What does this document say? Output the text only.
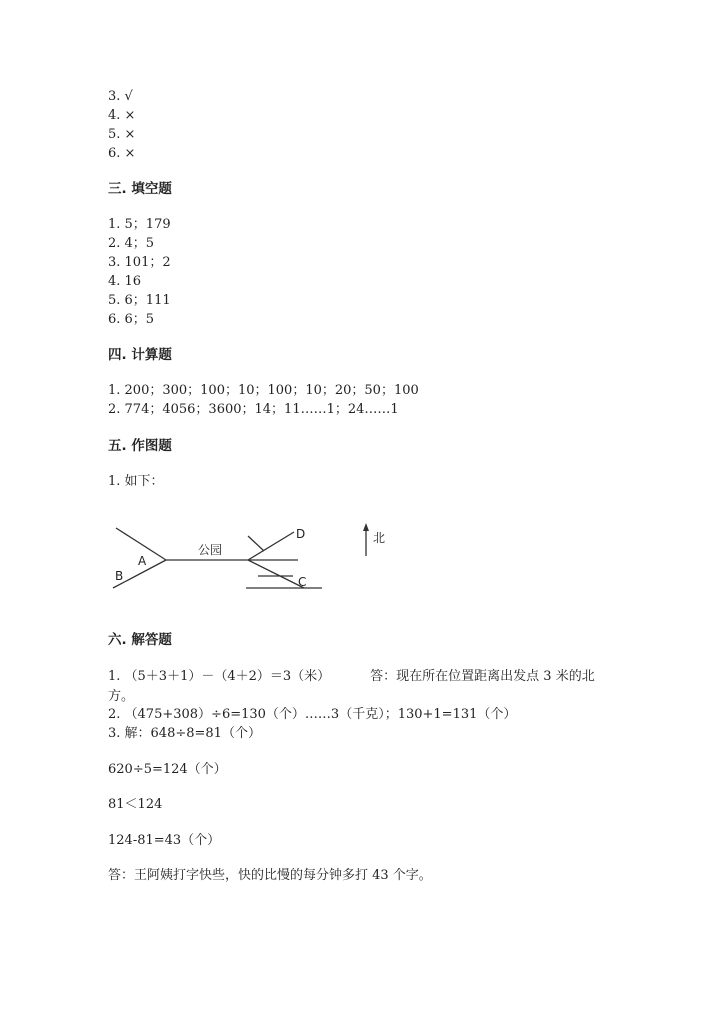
3. √
4. ×
5. ×
6. ×
三. 填空题
1. 5；179
2. 4；5
3. 101；2
4. 16
5. 6；111
6. 6；5
四. 计算题
1. 200；300；100；10；100；10；20；50；100
2. 774；4056；3600；14；11……1；24……1
五. 作图题
1. 如下：
A
B
公园
D
C
北
六. 解答题
1. （5＋3＋1）－（4＋2）＝3（米）	答：现在所在位置距离出发点 3 米的北方。
2. （475+308）÷6=130（个）……3（千克）；130+1=131（个）
3. 解：648÷8=81（个）
620÷5=124（个）
81＜124
124-81=43（个）
答：王阿姨打字快些，快的比慢的每分钟多打 43 个字。
